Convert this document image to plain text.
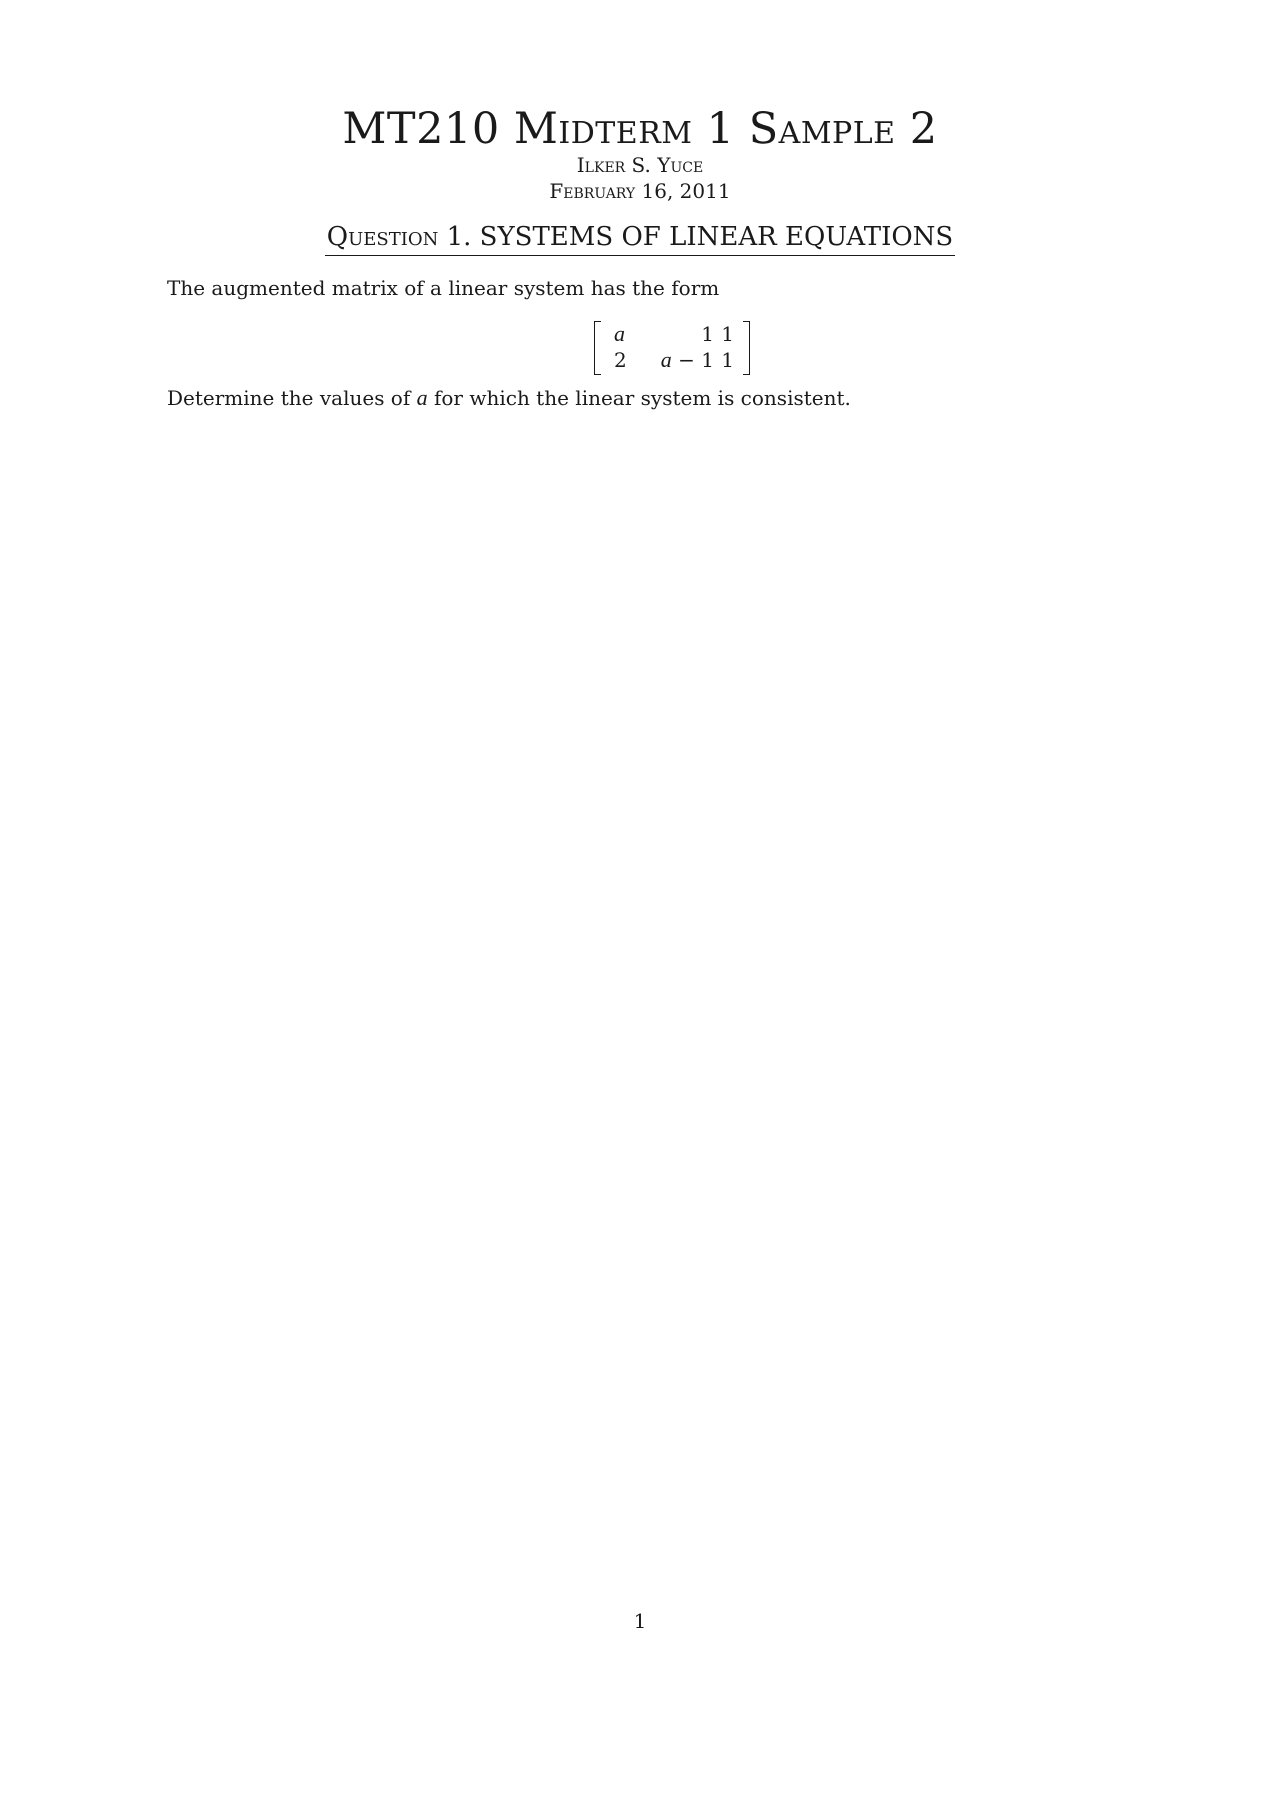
MT210 Midterm 1 Sample 2
Ilker S. Yuce
February 16, 2011
Question 1. SYSTEMS OF LINEAR EQUATIONS
The augmented matrix of a linear system has the form
a	1 1
2	a − 1 1
Determine the values of a for which the linear system is consistent.
1
